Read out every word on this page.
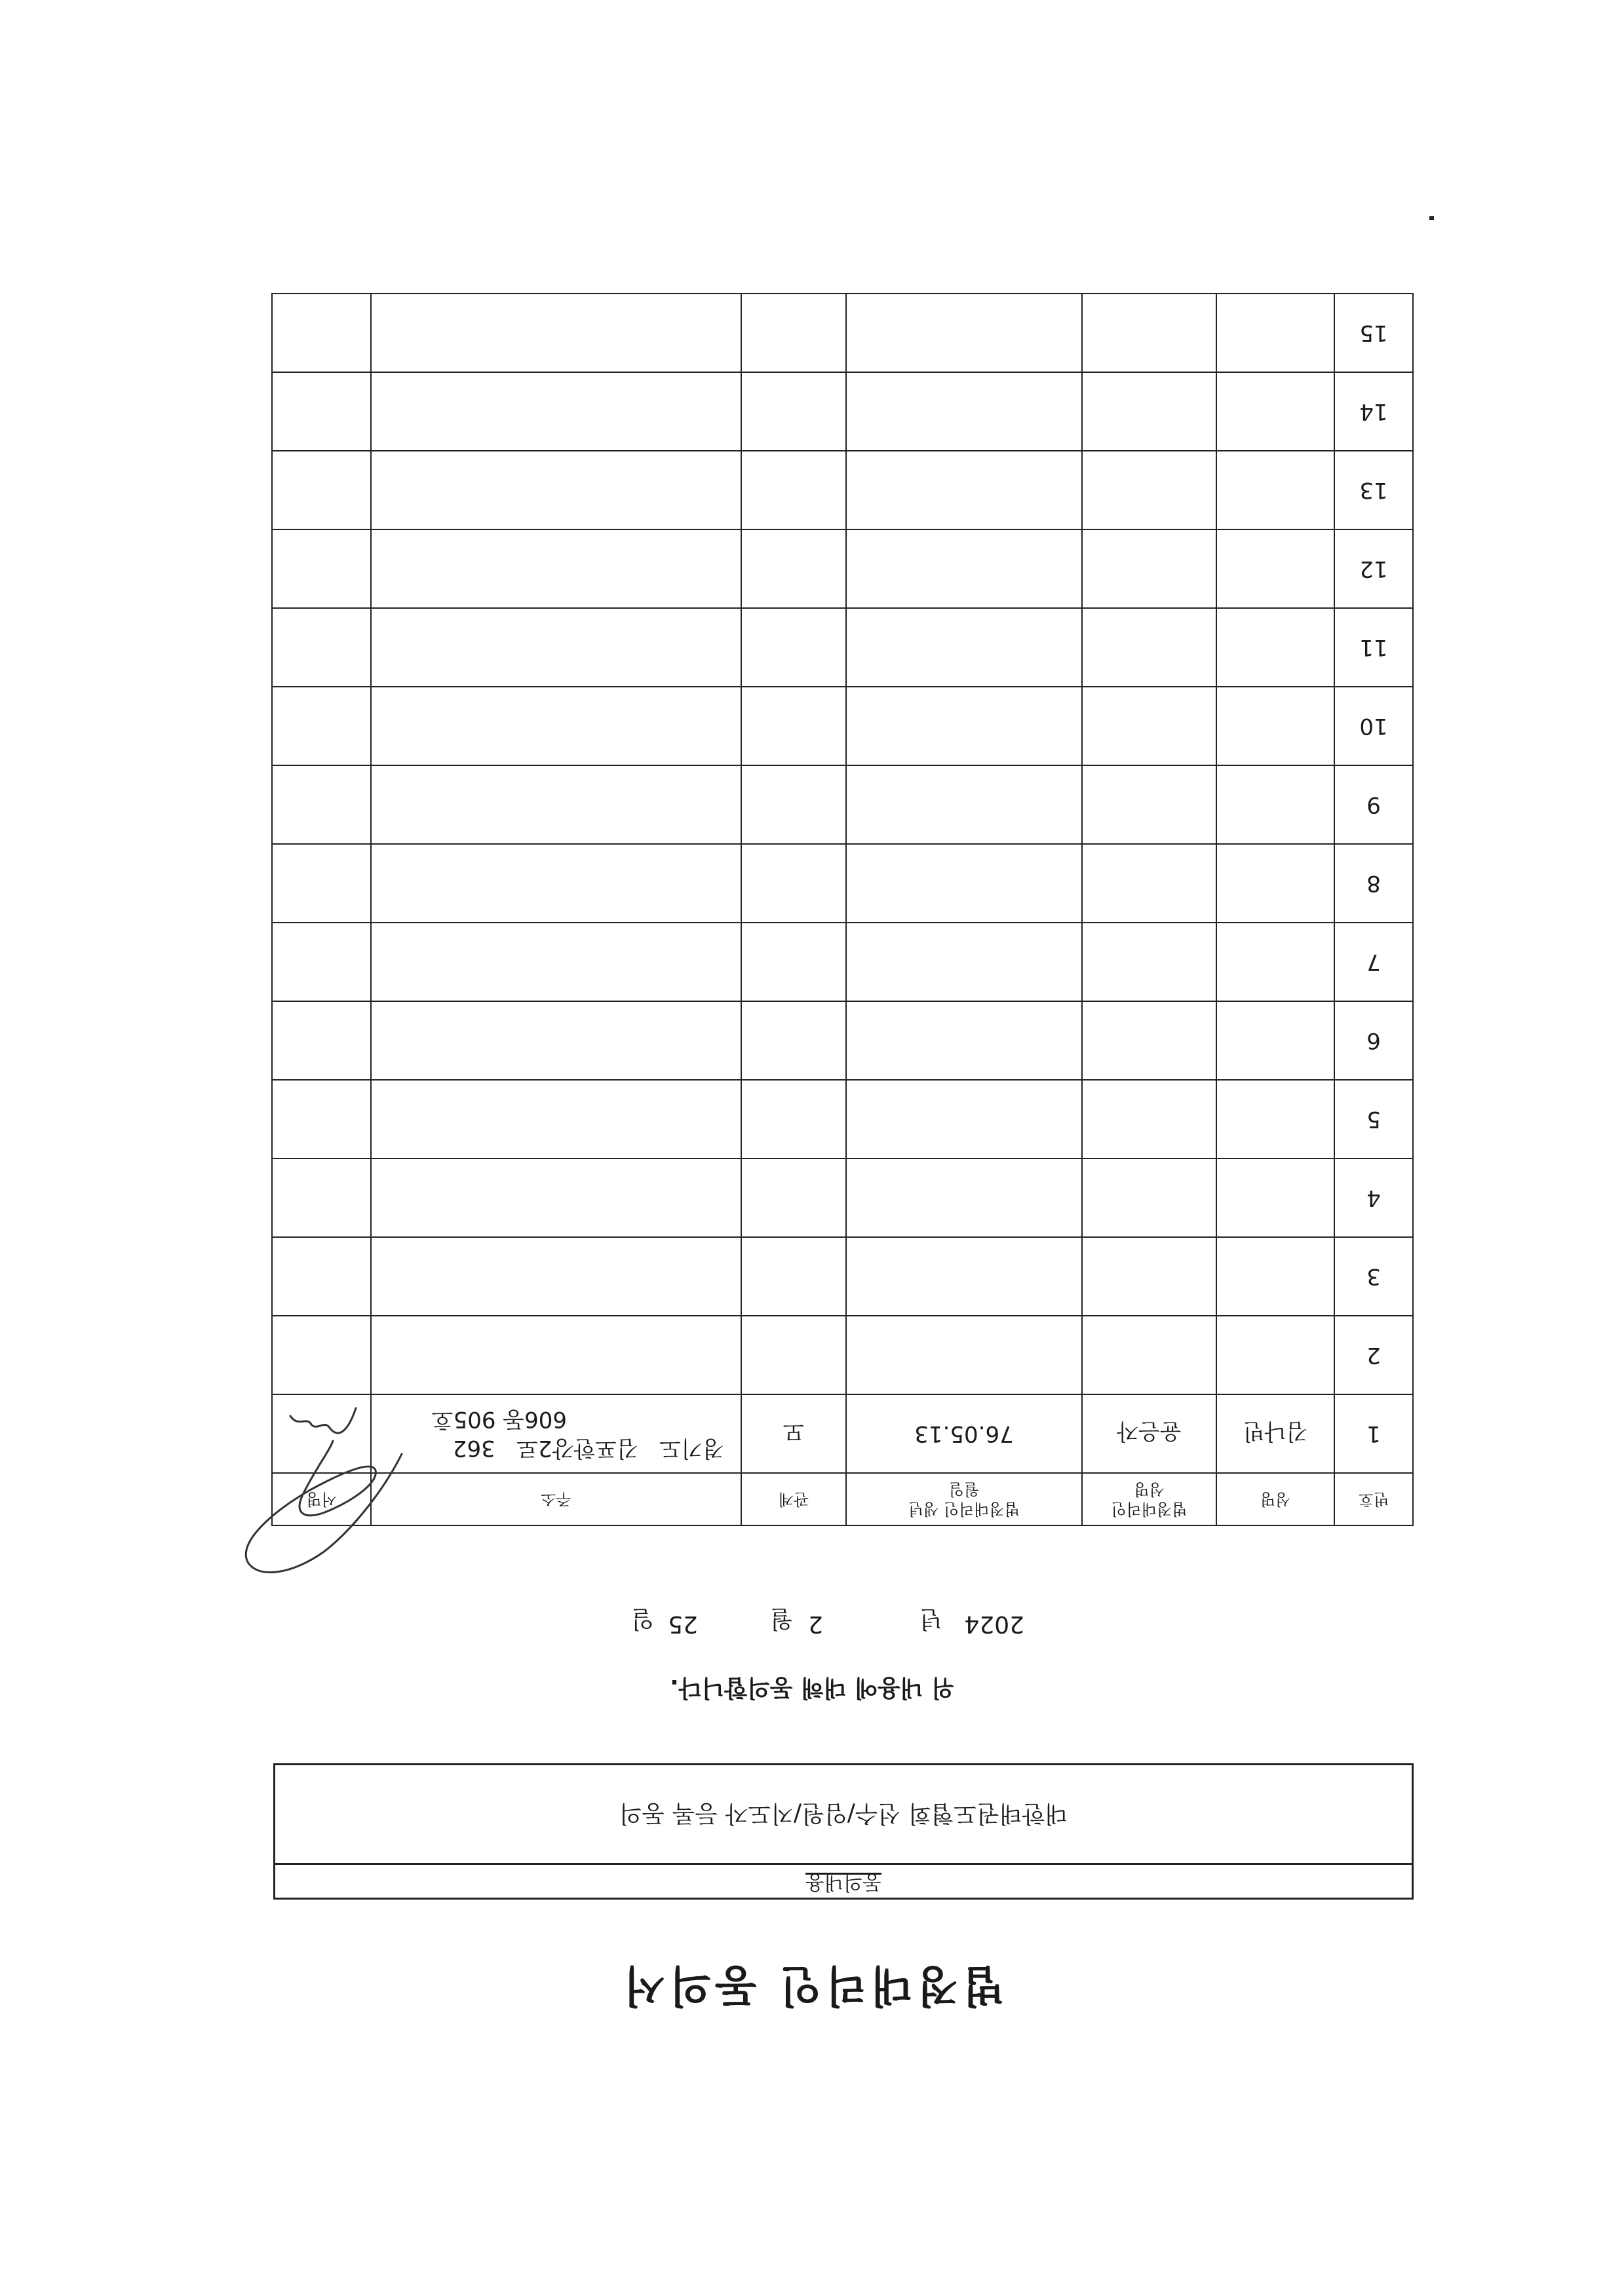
법정대리인 동의서
동의내용
대한태권도협회 선수/임원/지도자 등록 동의
위 내용에 대해 동의합니다.
2024
년
2
월
25
일
번호	성명	법정대리인 성명	법정대리인 생년월일	관계	주소	서명
1	김나빈	윤은자	76.05.13	모	경기도   김포한강2로   362
606동 905호	

2						
3						
4						
5						
6						
7						
8						
9						
10						
11						
12						
13						
14						
15						
